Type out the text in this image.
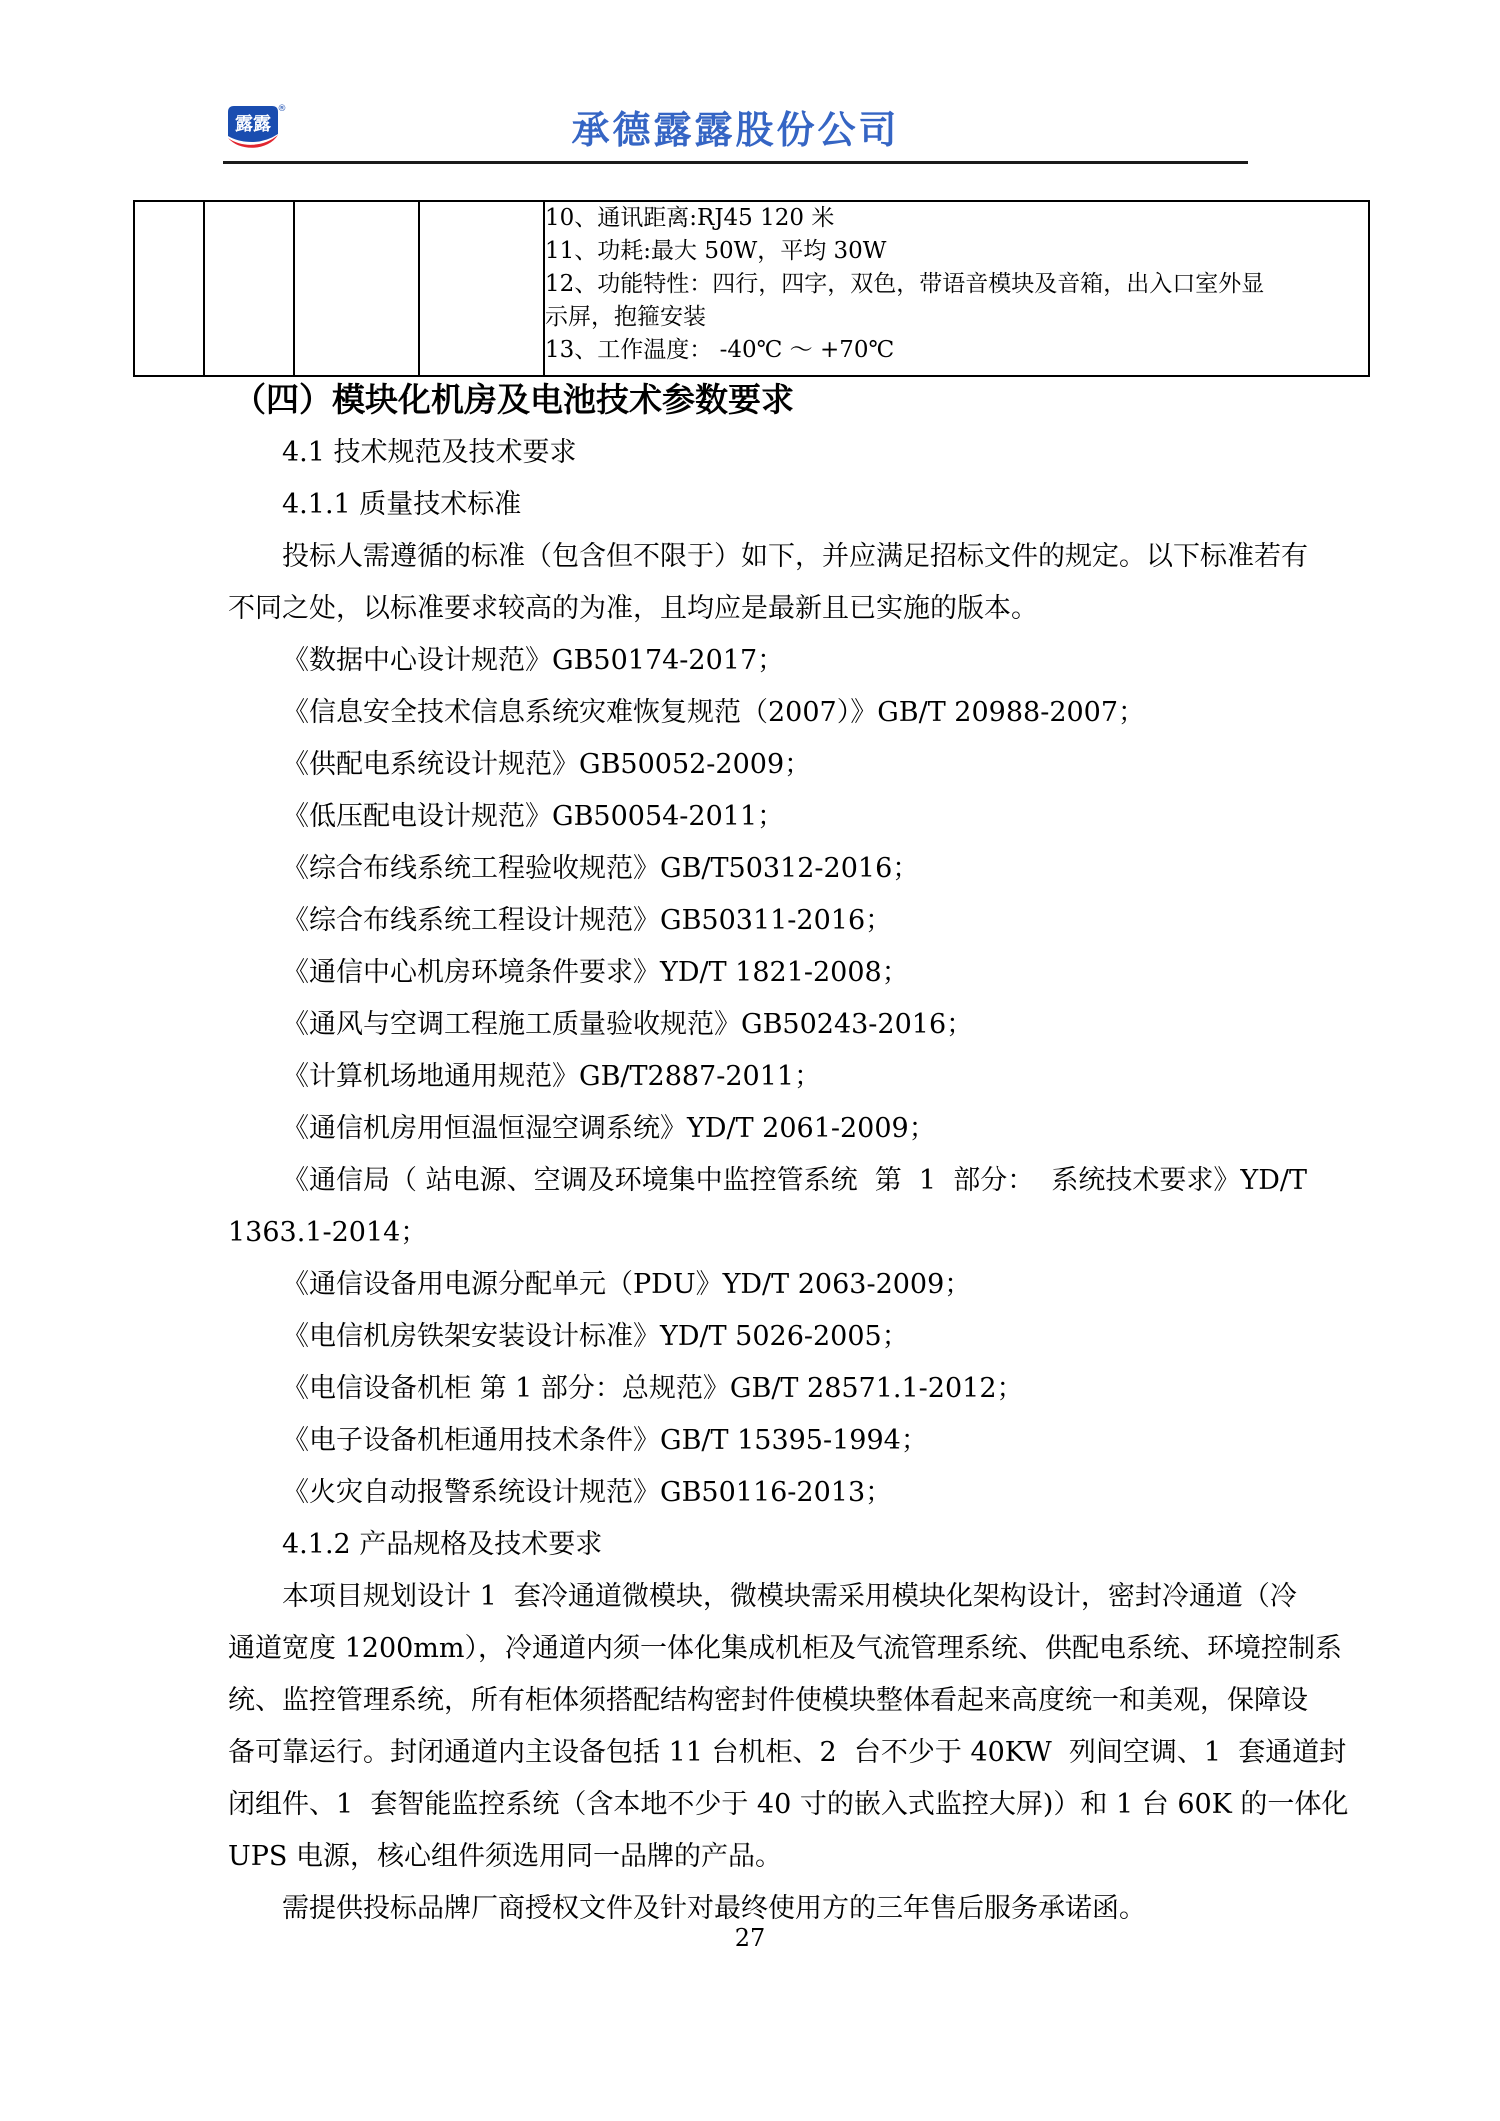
露露
®	承德露露股份公司

10、通讯距离:RJ45 120 米
11、功耗:最大 50W，平均 30W
12、功能特性：四行，四字，双色，带语音模块及音箱，出入口室外显
示屏，抱箍安装
13、工作温度： -40℃ ～ +70℃
（四）模块化机房及电池技术参数要求
4.1 技术规范及技术要求
4.1.1 质量技术标准
投标人需遵循的标准（包含但不限于）如下，并应满足招标文件的规定。以下标准若有
不同之处，以标准要求较高的为准，且均应是最新且已实施的版本。
《数据中心设计规范》GB50174-2017；
《信息安全技术信息系统灾难恢复规范（2007）》GB/T 20988-2007；
《供配电系统设计规范》GB50052-2009；
《低压配电设计规范》GB50054-2011；
《综合布线系统工程验收规范》GB/T50312-2016；
《综合布线系统工程设计规范》GB50311-2016；
《通信中心机房环境条件要求》YD/T 1821-2008；
《通风与空调工程施工质量验收规范》GB50243-2016；
《计算机场地通用规范》GB/T2887-2011；
《通信机房用恒温恒湿空调系统》YD/T 2061-2009；
《通信局（ 站电源、空调及环境集中监控管系统  第  1  部分：  系统技术要求》YD/T
1363.1-2014；
《通信设备用电源分配单元（PDU》YD/T 2063-2009；
《电信机房铁架安装设计标准》YD/T 5026-2005；
《电信设备机柜 第 1 部分：总规范》GB/T 28571.1-2012；
《电子设备机柜通用技术条件》GB/T 15395-1994；
《火灾自动报警系统设计规范》GB50116-2013；
4.1.2 产品规格及技术要求
本项目规划设计 1  套冷通道微模块，微模块需采用模块化架构设计，密封冷通道（冷
通道宽度 1200mm），冷通道内须一体化集成机柜及气流管理系统、供配电系统、环境控制系
统、监控管理系统，所有柜体须搭配结构密封件使模块整体看起来高度统一和美观，保障设
备可靠运行。封闭通道内主设备包括 11 台机柜、2  台不少于 40KW  列间空调、1  套通道封
闭组件、1  套智能监控系统（含本地不少于 40 寸的嵌入式监控大屏)）和 1 台 60K 的一体化
UPS 电源，核心组件须选用同一品牌的产品。
需提供投标品牌厂商授权文件及针对最终使用方的三年售后服务承诺函。
27
